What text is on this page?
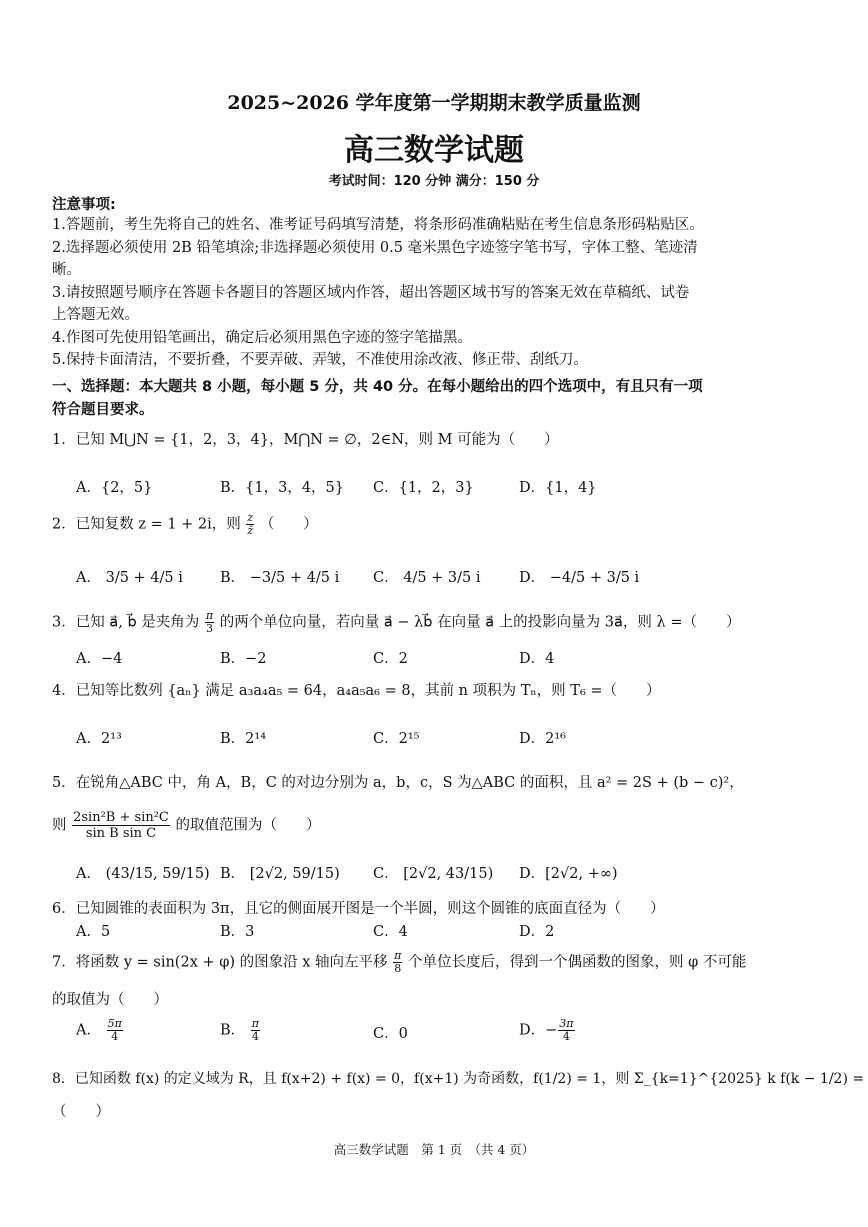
2025~2026 学年度第一学期期末教学质量监测
高三数学试题
考试时间：120 分钟 满分：150 分
注意事项:
1.答题前，考生先将自己的姓名、准考证号码填写清楚，将条形码准确粘贴在考生信息条形码粘贴区。
2.选择题必须使用 2B 铅笔填涂;非选择题必须使用 0.5 毫米黑色字迹签字笔书写，字体工整、笔迹清
晰。
3.请按照题号顺序在答题卡各题目的答题区域内作答，超出答题区域书写的答案无效在草稿纸、试卷
上答题无效。
4.作图可先使用铅笔画出，确定后必须用黑色字迹的签字笔描黑。
5.保持卡面清洁，不要折叠，不要弄破、弄皱，不准使用涂改液、修正带、刮纸刀。
一、选择题：本大题共 8 小题，每小题 5 分，共 40 分。在每小题给出的四个选项中，有且只有一项
符合题目要求。
1．已知 M⋃N = {1，2，3，4}，M⋂N = ∅，2∈N，则 M 可能为（　　）
A．{2，5}	B．{1，3，4，5} C．{1，2，3}	D．{1，4}
2．已知复数 z = 1 + 2i，则 $\frac{z}{z̄}$ （　　）
A． 3/5 + 4/5 i	B． −3/5 + 4/5 i C． 4/5 + 3/5 i	D． −4/5 + 3/5 i
3．已知 a⃗, b⃗ 是夹角为 $\frac{\pi}{3}$ 的两个单位向量，若向量 a⃗ − λb⃗ 在向量 a⃗ 上的投影向量为 3a⃗，则 λ =（　　）
A．−4	B．−2	C．2	D．4
4．已知等比数列 {aₙ} 满足 a₃a₄a₅ = 64，a₄a₅a₆ = 8，其前 n 项积为 Tₙ，则 T₆ =（　　）
A．2¹³	B．2¹⁴	C．2¹⁵	D．2¹⁶
5．在锐角△ABC 中，角 A，B，C 的对边分别为 a，b，c，S 为△ABC 的面积，且 a² = 2S + (b − c)²，
则 $\frac{\text{2sin²B + sin²C}}{\text{sin B sin C}}$ 的取值范围为（　　）
A． (43/15, 59/15) B． [2√2, 59/15) C． [2√2, 43/15) D．[2√2, +∞)
6．已知圆锥的表面积为 3π，且它的侧面展开图是一个半圆，则这个圆锥的底面直径为（　　）
A．5	B．3	C．4	D．2
7．将函数 y = sin(2x + φ) 的图象沿 x 轴向左平移 $\frac{\pi}{8}$ 个单位长度后，得到一个偶函数的图象，则 φ 不可能
的取值为（　　）
A． $\frac{5\pi}{4}$	B． $\frac{\pi}{4}$	C．0	D．− $\frac{3\pi}{4}$
8．已知函数 f(x) 的定义域为 R，且 f(x+2) + f(x) = 0，f(x+1) 为奇函数，f(1/2) = 1，则 Σ_{k=1}^{2025} k f(k − 1/2) =
（　　）
高三数学试题　第 1 页　（共 4 页）
